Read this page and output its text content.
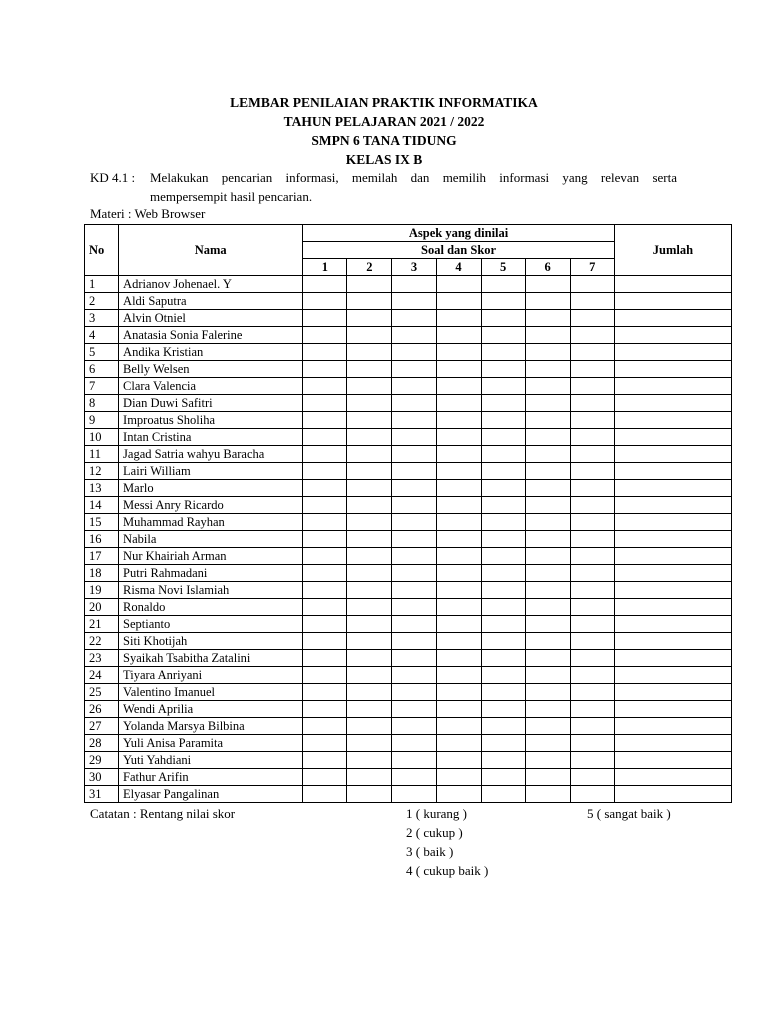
LEMBAR PENILAIAN PRAKTIK INFORMATIKA
TAHUN PELAJARAN 2021 / 2022
SMPN 6 TANA TIDUNG
KELAS IX B
KD 4.1 :	Melakukan pencarian informasi, memilah dan memilih informasi yang relevan serta
mempersempit hasil pencarian.
Materi : Web Browser
No	Nama	Aspek yang dinilai							Jumlah
		Soal dan Skor							
		1	2	3	4	5	6	7	
1	Adrianov Johenael. Y								
2	Aldi Saputra								
3	Alvin Otniel								
4	Anatasia Sonia Falerine								
5	Andika Kristian								
6	Belly Welsen								
7	Clara Valencia								
8	Dian Duwi Safitri								
9	Improatus Sholiha								
10	Intan Cristina								
11	Jagad Satria wahyu Baracha								
12	Lairi William								
13	Marlo								
14	Messi Anry Ricardo								
15	Muhammad Rayhan								
16	Nabila								
17	Nur Khairiah Arman								
18	Putri Rahmadani								
19	Risma Novi Islamiah								
20	Ronaldo								
21	Septianto								
22	Siti Khotijah								
23	Syaikah Tsabitha Zatalini								
24	Tiyara Anriyani								
25	Valentino Imanuel								
26	Wendi Aprilia								
27	Yolanda Marsya Bilbina								
28	Yuli Anisa Paramita								
29	Yuti Yahdiani								
30	Fathur Arifin								
31	Elyasar Pangalinan								
Catatan : Rentang nilai skor	1 ( kurang )
2 ( cukup )
3 ( baik )
4 ( cukup baik )
5 ( sangat baik )
